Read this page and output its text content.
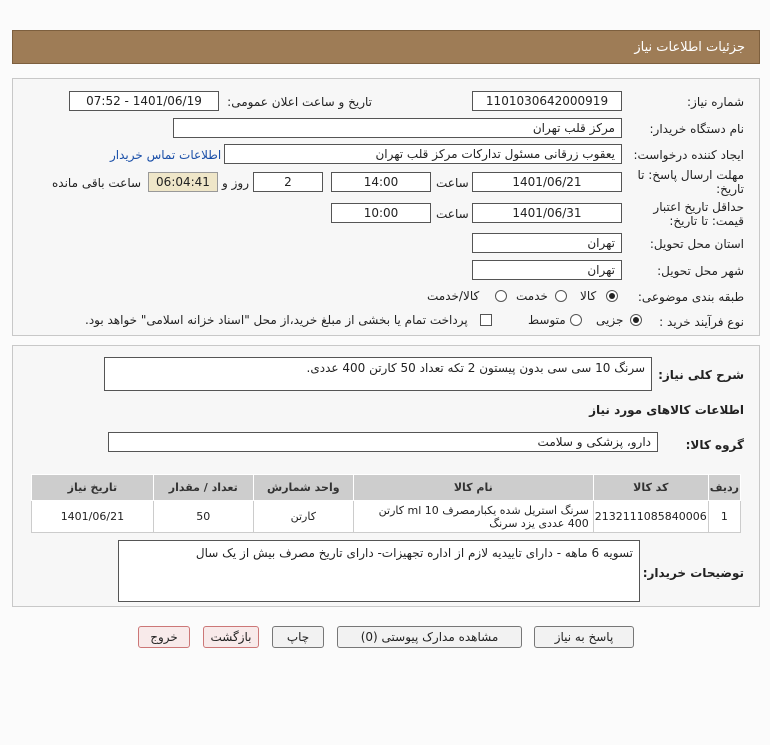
جزئیات اطلاعات نیاز
شماره نیاز:
1101030642000919
تاریخ و ساعت اعلان عمومی:
1401/06/19 - 07:52
نام دستگاه خریدار:
مرکز قلب تهران
ایجاد کننده درخواست:
یعقوب زرقانی مسئول تدارکات مرکز قلب تهران
اطلاعات تماس خریدار
مهلت ارسال پاسخ: تا
تاریخ:
1401/06/21
ساعت
14:00
2
روز و
06:04:41
ساعت باقی مانده
حداقل تاریخ اعتبار
قیمت: تا تاریخ:
1401/06/31
ساعت
10:00
استان محل تحویل:
تهران
شهر محل تحویل:
تهران
طبقه بندی موضوعی:
کالا
خدمت
کالا/خدمت
نوع فرآیند خرید :
جزیی
متوسط
پرداخت تمام یا بخشی از مبلغ خرید،از محل "اسناد خزانه اسلامی" خواهد بود.
شرح کلی نیاز:
سرنگ 10 سی سی بدون پیستون 2 تکه تعداد 50 کارتن 400 عددی.
اطلاعات کالاهای مورد نیاز
گروه کالا:
دارو، پزشکی و سلامت
ردیف	کد کالا	نام کالا	واحد شمارش	تعداد / مقدار	تاریخ نیاز
1	2132111085840006	سرنگ استریل شده یکبارمصرف 10 ml کارتن 400 عددی یزد سرنگ	کارتن	50	1401/06/21
توضیحات خریدار:
تسویه 6 ماهه - دارای تاییدیه لازم از اداره تجهیزات- دارای تاریخ مصرف بیش از یک سال
پاسخ به نیاز
مشاهده مدارک پیوستی (0)
چاپ
بازگشت
خروج
